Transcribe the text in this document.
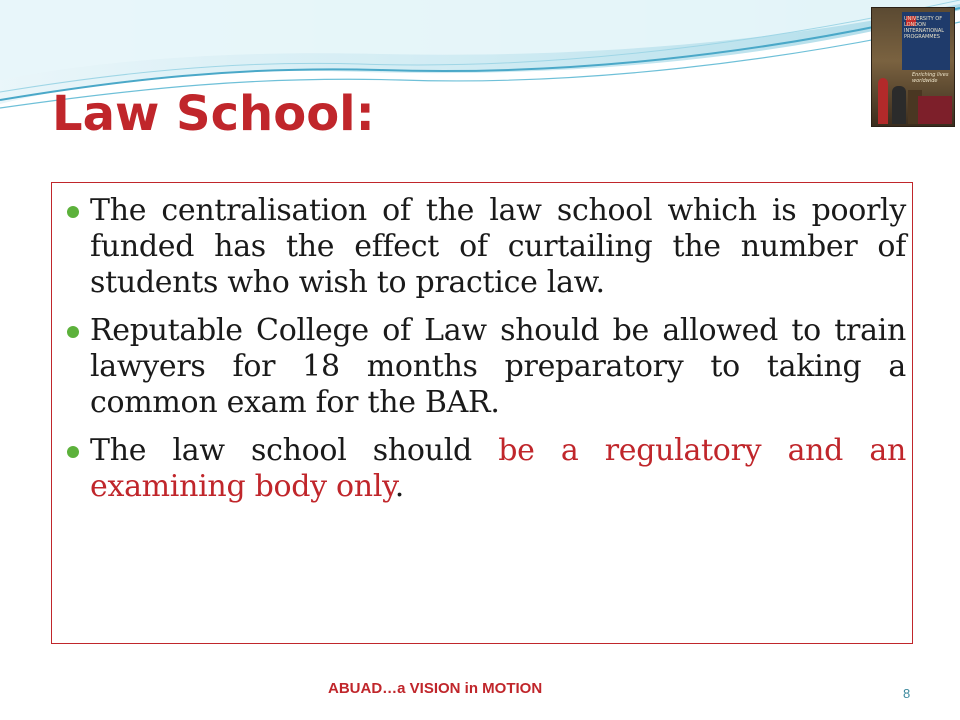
UNIVERSITY OF LONDON INTERNATIONAL PROGRAMMES
Enriching lives worldwide
Law School:
The centralisation of the law school which is poorly funded has the effect of curtailing the number of students who wish to practice law.
Reputable College of Law should be allowed to train lawyers for 18 months preparatory to taking a common exam for the BAR.
The law school should be a regulatory and an examining body only.
ABUAD…a VISION in MOTION	8
